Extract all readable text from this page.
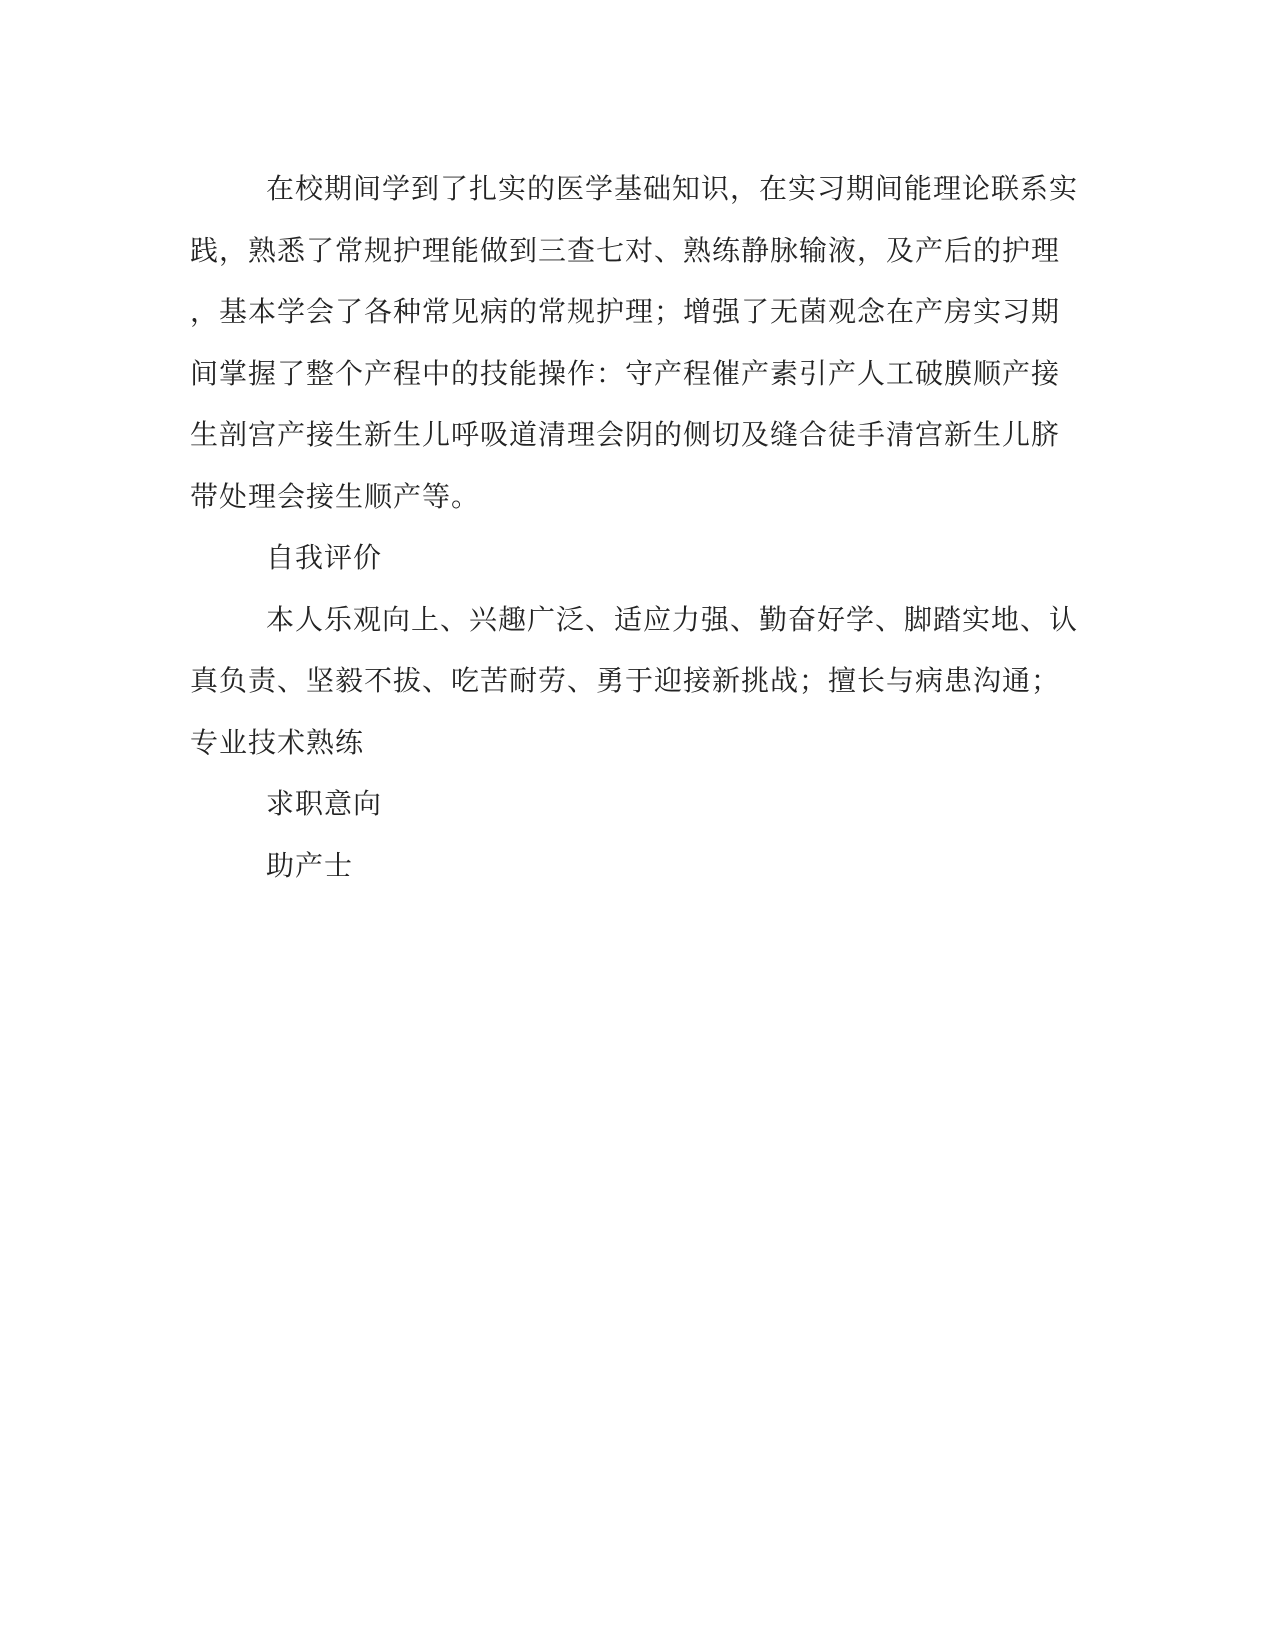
在校期间学到了扎实的医学基础知识，在实习期间能理论联系实
践，熟悉了常规护理能做到三查七对、熟练静脉输液，及产后的护理
，基本学会了各种常见病的常规护理；增强了无菌观念在产房实习期
间掌握了整个产程中的技能操作：守产程催产素引产人工破膜顺产接
生剖宫产接生新生儿呼吸道清理会阴的侧切及缝合徒手清宫新生儿脐
带处理会接生顺产等。

自我评价

本人乐观向上、兴趣广泛、适应力强、勤奋好学、脚踏实地、认
真负责、坚毅不拔、吃苦耐劳、勇于迎接新挑战；擅长与病患沟通；
专业技术熟练

求职意向

助产士
